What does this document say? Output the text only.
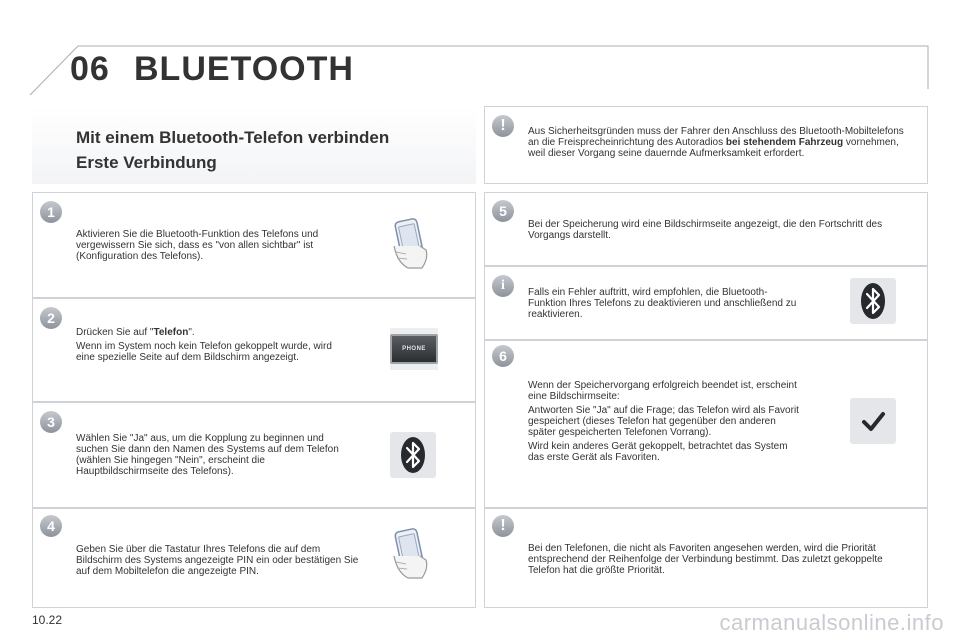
06 BLUETOOTH
Mit einem Bluetooth-Telefon verbinden
Erste Verbindung
1
Aktivieren Sie die Bluetooth-Funktion des Telefons und vergewissern Sie sich, dass es "von allen sichtbar" ist (Konfiguration des Telefons).
2

Drücken Sie auf "Telefon".

Wenn im System noch kein Telefon gekoppelt wurde, wird eine spezielle Seite auf dem Bildschirm angezeigt.

PHONE
3
Wählen Sie "Ja" aus, um die Kopplung zu beginnen und suchen Sie dann den Namen des Systems auf dem Telefon (wählen Sie hingegen "Nein", erscheint die Hauptbildschirmseite des Telefons).
4
Geben Sie über die Tastatur Ihres Telefons die auf dem Bildschirm des Systems angezeigte PIN ein oder bestätigen Sie auf dem Mobiltelefon die angezeigte PIN.
!	Aus Sicherheitsgründen muss der Fahrer den Anschluss des Bluetooth-Mobiltelefons an die Freisprecheinrichtung des Autoradios bei stehendem Fahrzeug vornehmen, weil dieser Vorgang seine dauernde Aufmerksamkeit erfordert.
5
Bei der Speicherung wird eine Bildschirmseite angezeigt, die den Fortschritt des Vorgangs darstellt.
i	Falls ein Fehler auftritt, wird empfohlen, die Bluetooth-Funktion Ihres Telefons zu deaktivieren und anschließend zu reaktivieren.
6

Wenn der Speichervorgang erfolgreich beendet ist, erscheint eine Bildschirmseite:

Antworten Sie "Ja" auf die Frage; das Telefon wird als Favorit gespeichert (dieses Telefon hat gegenüber den anderen später gespeicherten Telefonen Vorrang).

Wird kein anderes Gerät gekoppelt, betrachtet das System das erste Gerät als Favoriten.

!
Bei den Telefonen, die nicht als Favoriten angesehen werden, wird die Priorität entsprechend der Reihenfolge der Verbindung bestimmt. Das zuletzt gekoppelte Telefon hat die größte Priorität.
10.22	carmanualsonline.info
